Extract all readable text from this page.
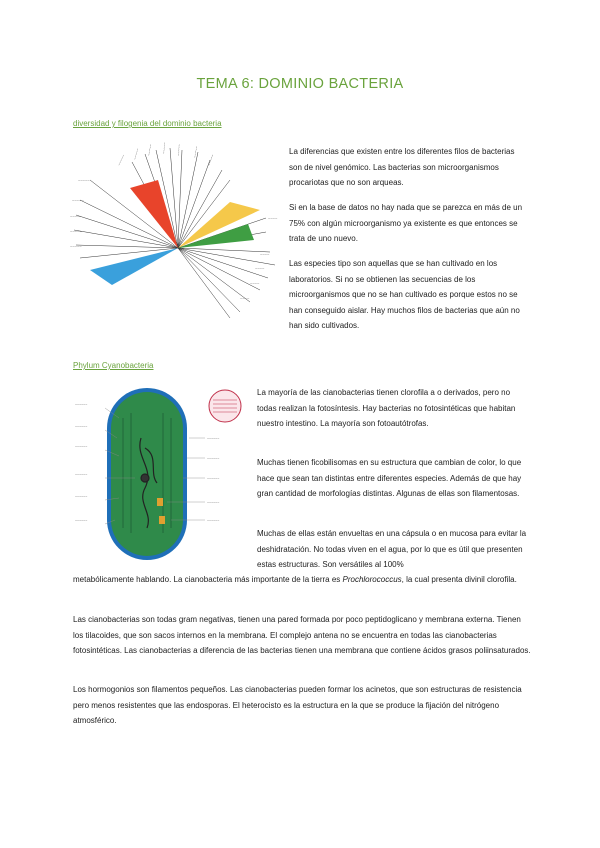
TEMA 6: DOMINIO BACTERIA
diversidad y filogenia del dominio bacteria
~~~~~ ~~~~~ ~~~~~ ~~~~~ ~~~~~	~~~~~
~~~~~
~~~~~
~~~~~
~~~~~
~~~~~
~~~~~
~~~~
~~~~
~~~~
~~~~
~~~~

La diferencias que existen entre los diferentes filos de bacterias son de nivel genómico. Las bacterias son microorganismos procariotas que no son arqueas.

Si en la base de datos no hay nada que se parezca en más de un 75% con algún microorganismo ya existente es que entonces se trata de uno nuevo.

Las especies tipo son aquellas que se han cultivado en los laboratorios. Si no se obtienen las secuencias de los microorganismos que no se han cultivado es porque estos no se han conseguido aislar. Hay muchos filos de bacterias que aún no han sido cultivados.

Phylum Cyanobacteria
~~~~~~
~~~~~~
~~~~~~
~~~~~~
~~~~~~
~~~~~~
~~~~~~
~~~~~~
~~~~~~
~~~~~~
~~~~~~

La mayoría de las cianobacterias tienen clorofila a o derivados, pero no todas realizan la fotosíntesis. Hay bacterias no fotosintéticas que habitan nuestro intestino. La mayoría son fotoautótrofas.

Muchas tienen ficobilisomas en su estructura que cambian de color, lo que hace que sean tan distintas entre diferentes especies. Además de que hay gran cantidad de morfologías distintas. Algunas de ellas son filamentosas.

Muchas de ellas están envueltas en una cápsula o en mucosa para evitar la deshidratación. No todas viven en el agua, por lo que es útil que presenten estas estructuras. Son versátiles al 100%

metabólicamente hablando. La cianobacteria más importante de la tierra es Prochlorococcus, la cual presenta divinil clorofila.

Las cianobacterias son todas gram negativas, tienen una pared formada por poco peptidoglicano y membrana externa. Tienen los tilacoides, que son sacos internos en la membrana. El complejo antena no se encuentra en todas las cianobacterias fotosintéticas. Las cianobacterias a diferencia de las bacterias tienen una membrana que contiene ácidos grasos poliinsaturados.

Los hormogonios son filamentos pequeños. Las cianobacterias pueden formar los acinetos, que son estructuras de resistencia pero menos resistentes que las endosporas. El heterocisto es la estructura en la que se produce la fijación del nitrógeno atmosférico.
